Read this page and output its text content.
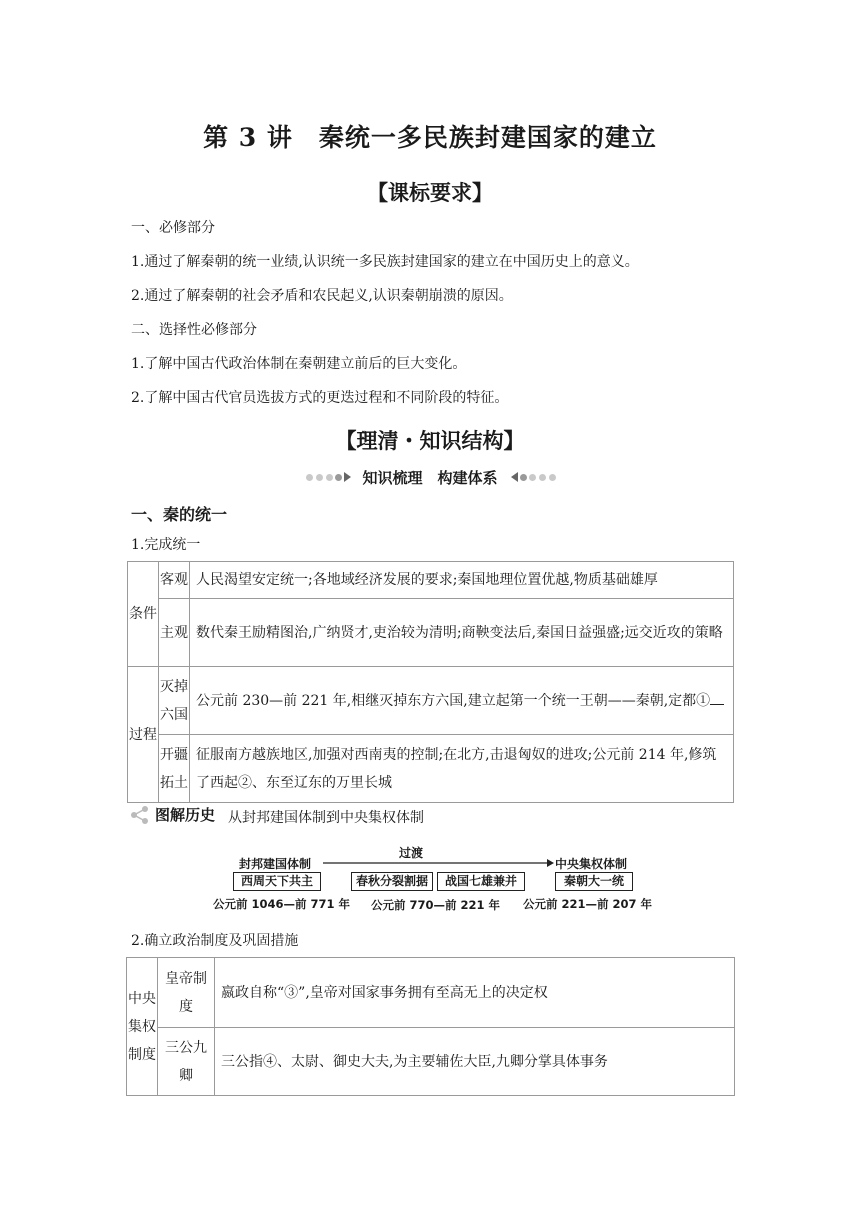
第 3 讲　秦统一多民族封建国家的建立
【课标要求】
一、必修部分
1.通过了解秦朝的统一业绩,认识统一多民族封建国家的建立在中国历史上的意义。
2.通过了解秦朝的社会矛盾和农民起义,认识秦朝崩溃的原因。
二、选择性必修部分
1.了解中国古代政治体制在秦朝建立前后的巨大变化。
2.了解中国古代官员选拔方式的更迭过程和不同阶段的特征。
【理清・知识结构】
知识梳理　构建体系
一、秦的统一
1.完成统一
条件	客观	人民渴望安定统一;各地域经济发展的要求;秦国地理位置优越,物质基础雄厚
	主观	数代秦王励精图治,广纳贤才,吏治较为清明;商鞅变法后,秦国日益强盛;远交近攻的策略
过程	灭掉六国	公元前 230—前 221 年,相继灭掉东方六国,建立起第一个统一王朝——秦朝,定都①
	开疆拓土	征服南方越族地区,加强对西南夷的控制;在北方,击退匈奴的进攻;公元前 214 年,修筑了西起②、东至辽东的万里长城
图解历史 从封邦建国体制到中央集权体制
封邦建国体制
过渡
中央集权体制
西周天下共主	春秋分裂割据	战国七雄兼并	秦朝大一统
公元前 1046—前 771 年 公元前 770—前 221 年 公元前 221—前 207 年
2.确立政治制度及巩固措施
中央集权制度	皇帝制度	嬴政自称“③”,皇帝对国家事务拥有至高无上的决定权
	三公九卿	三公指④、太尉、御史大夫,为主要辅佐大臣,九卿分掌具体事务
